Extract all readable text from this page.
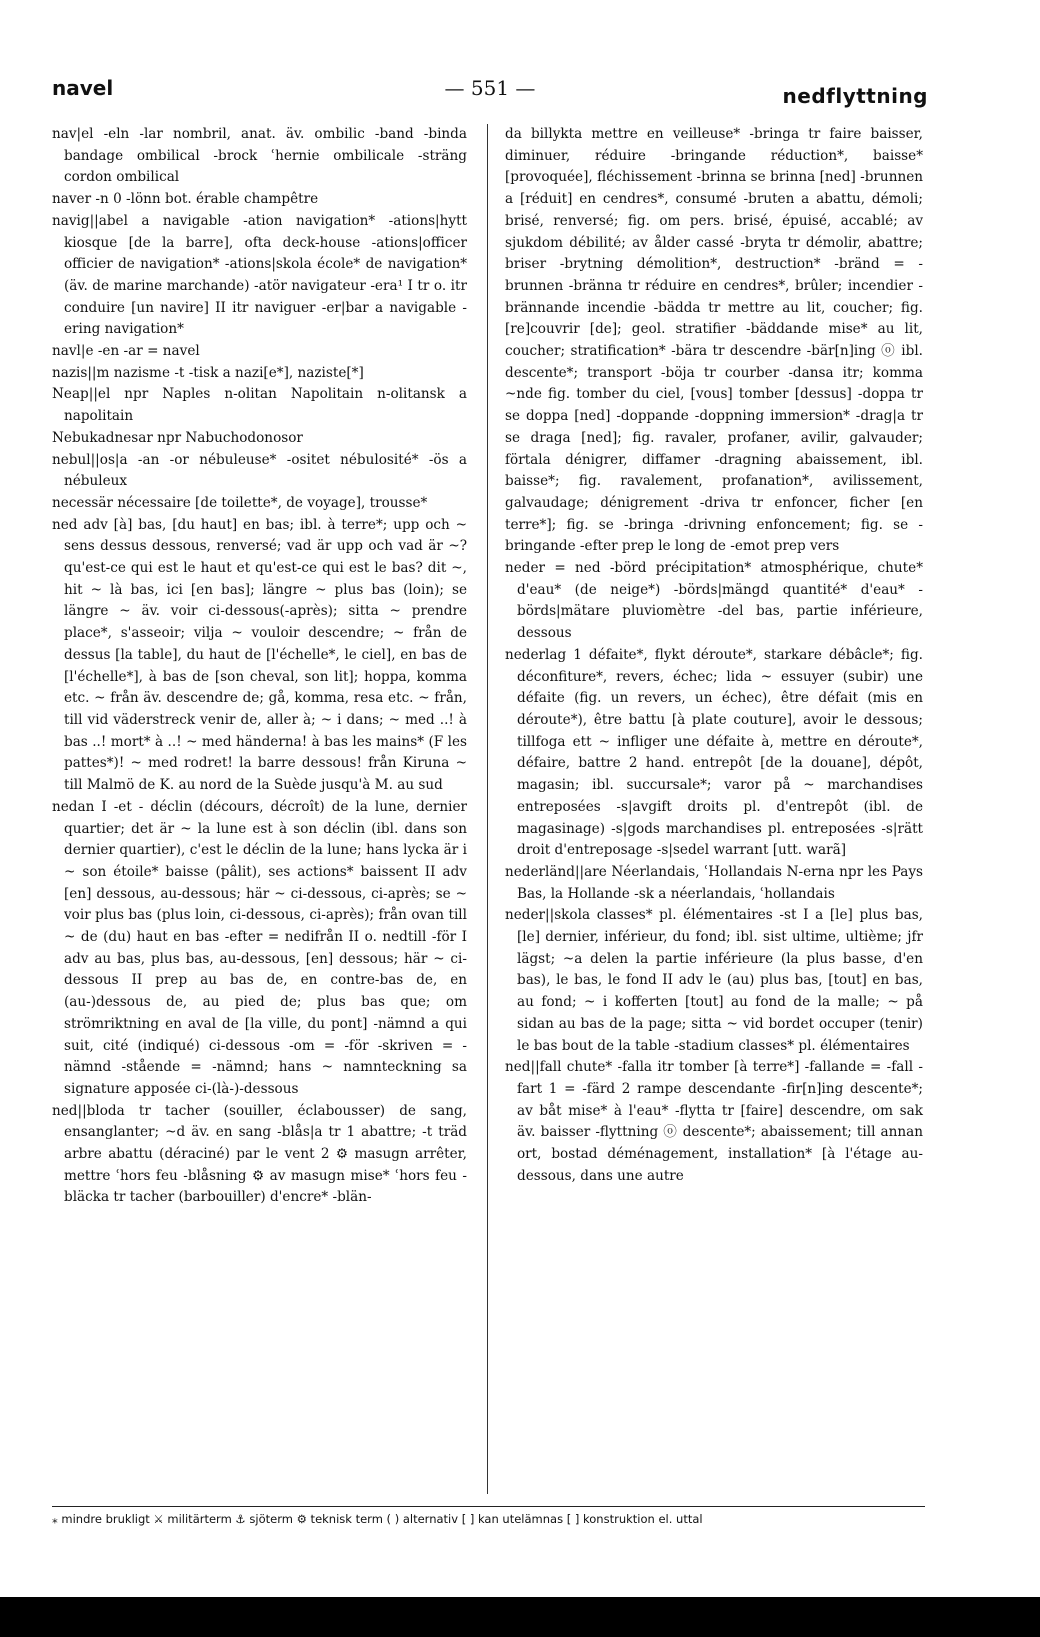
navel	— 551 —	nedflyttning

nav|el -eln -lar nombril, anat. äv. ombilic -band -binda bandage ombilical -brock ʿhernie ombilicale -sträng cordon ombilical

naver -n 0 -lönn bot. érable champêtre

navig||abel a navigable -ation navigation* -ations|hytt kiosque [de la barre], ofta deck-house -ations|officer officier de navigation* -ations|skola école* de navigation* (äv. de marine marchande) -atör navigateur -era¹ I tr o. itr conduire [un navire] II itr naviguer -er|bar a navigable -ering navigation*

navl|e -en -ar = navel

nazis||m nazisme -t -tisk a nazi[e*], naziste[*]

Neap||el npr Naples n-olitan Napolitain n-olitansk a napolitain

Nebukadnesar npr Nabuchodonosor

nebul||os|a -an -or nébuleuse* -ositet nébulosité* -ös a nébuleux

necessär nécessaire [de toilette*, de voyage], trousse*

ned adv [à] bas, [du haut] en bas; ibl. à terre*; upp och ~ sens dessus dessous, renversé; vad är upp och vad är ~? qu'est-ce qui est le haut et qu'est-ce qui est le bas? dit ~, hit ~ là bas, ici [en bas]; längre ~ plus bas (loin); se längre ~ äv. voir ci-dessous(-après); sitta ~ prendre place*, s'asseoir; vilja ~ vouloir descendre; ~ från de dessus [la table], du haut de [l'échelle*, le ciel], en bas de [l'échelle*], à bas de [son cheval, son lit]; hoppa, komma etc. ~ från äv. descendre de; gå, komma, resa etc. ~ från, till vid väderstreck venir de, aller à; ~ i dans; ~ med ..! à bas ..! mort* à ..! ~ med händerna! à bas les mains* (F les pattes*)! ~ med rodret! la barre dessous! från Kiruna ~ till Malmö de K. au nord de la Suède jusqu'à M. au sud

nedan I -et - déclin (décours, décroît) de la lune, dernier quartier; det är ~ la lune est à son déclin (ibl. dans son dernier quartier), c'est le déclin de la lune; hans lycka är i ~ son étoile* baisse (pâlit), ses actions* baissent II adv [en] dessous, au-dessous; här ~ ci-dessous, ci-après; se ~ voir plus bas (plus loin, ci-dessous, ci-après); från ovan till ~ de (du) haut en bas -efter = nedifrån II o. nedtill -för I adv au bas, plus bas, au-dessous, [en] dessous; här ~ ci-dessous II prep au bas de, en contre-bas de, en (au-)dessous de, au pied de; plus bas que; om strömriktning en aval de [la ville, du pont] -nämnd a qui suit, cité (indiqué) ci-dessous -om = -för -skriven = -nämnd -stående = -nämnd; hans ~ namnteckning sa signature apposée ci-(là-)-dessous

ned||bloda tr tacher (souiller, éclabousser) de sang, ensanglanter; ~d äv. en sang -blås|a tr 1 abattre; -t träd arbre abattu (déraciné) par le vent 2 ⚙ masugn arrêter, mettre ʿhors feu -blåsning ⚙ av masugn mise* ʿhors feu -bläcka tr tacher (barbouiller) d'encre* -blän-

da billykta mettre en veilleuse* -bringa tr faire baisser, diminuer, réduire -bringande réduction*, baisse* [provoquée], fléchissement -brinna se brinna [ned] -brunnen a [réduit] en cendres*, consumé -bruten a abattu, démoli; brisé, renversé; fig. om pers. brisé, épuisé, accablé; av sjukdom débilité; av ålder cassé -bryta tr démolir, abattre; briser -brytning démolition*, destruction* -bränd = -brunnen -bränna tr réduire en cendres*, brûler; incendier -brännande incendie -bädda tr mettre au lit, coucher; fig. [re]couvrir [de]; geol. stratifier -bäddande mise* au lit, coucher; stratification* -bära tr descendre -bär[n]ing ⓞ ibl. descente*; transport -böja tr courber -dansa itr; komma ~nde fig. tomber du ciel, [vous] tomber [dessus] -doppa tr se doppa [ned] -doppande -doppning immersion* -drag|a tr se draga [ned]; fig. ravaler, profaner, avilir, galvauder; förtala dénigrer, diffamer -dragning abaissement, ibl. baisse*; fig. ravalement, profanation*, avilissement, galvaudage; dénigrement -driva tr enfoncer, ficher [en terre*]; fig. se -bringa -drivning enfoncement; fig. se -bringande -efter prep le long de -emot prep vers

neder = ned -börd précipitation* atmosphérique, chute* d'eau* (de neige*) -börds|mängd quantité* d'eau* -börds|mätare pluviomètre -del bas, partie inférieure, dessous

nederlag 1 défaite*, flykt déroute*, starkare débâcle*; fig. déconfiture*, revers, échec; lida ~ essuyer (subir) une défaite (fig. un revers, un échec), être défait (mis en déroute*), être battu [à plate couture], avoir le dessous; tillfoga ett ~ infliger une défaite à, mettre en déroute*, défaire, battre 2 hand. entrepôt [de la douane], dépôt, magasin; ibl. succursale*; varor på ~ marchandises entreposées -s|avgift droits pl. d'entrepôt (ibl. de magasinage) -s|gods marchandises pl. entreposées -s|rätt droit d'entreposage -s|sedel warrant [utt. warã]

nederländ||are Néerlandais, ʿHollandais N-erna npr les Pays Bas, la Hollande -sk a néerlandais, ʿhollandais

neder||skola classes* pl. élémentaires -st I a [le] plus bas, [le] dernier, inférieur, du fond; ibl. sist ultime, ultième; jfr lägst; ~a delen la partie inférieure (la plus basse, d'en bas), le bas, le fond II adv le (au) plus bas, [tout] en bas, au fond; ~ i kofferten [tout] au fond de la malle; ~ på sidan au bas de la page; sitta ~ vid bordet occuper (tenir) le bas bout de la table -stadium classes* pl. élémentaires

ned||fall chute* -falla itr tomber [à terre*] -fallande = -fall -fart 1 = -färd 2 rampe descendante -fir[n]ing descente*; av båt mise* à l'eau* -flytta tr [faire] descendre, om sak äv. baisser -flyttning ⓞ descente*; abaissement; till annan ort, bostad déménagement, installation* [à l'étage au-dessous, dans une autre

⁎ mindre brukligt ⚔ militärterm ⚓ sjöterm ⚙ teknisk term ( ) alternativ [ ] kan utelämnas [ ] konstruktion el. uttal
